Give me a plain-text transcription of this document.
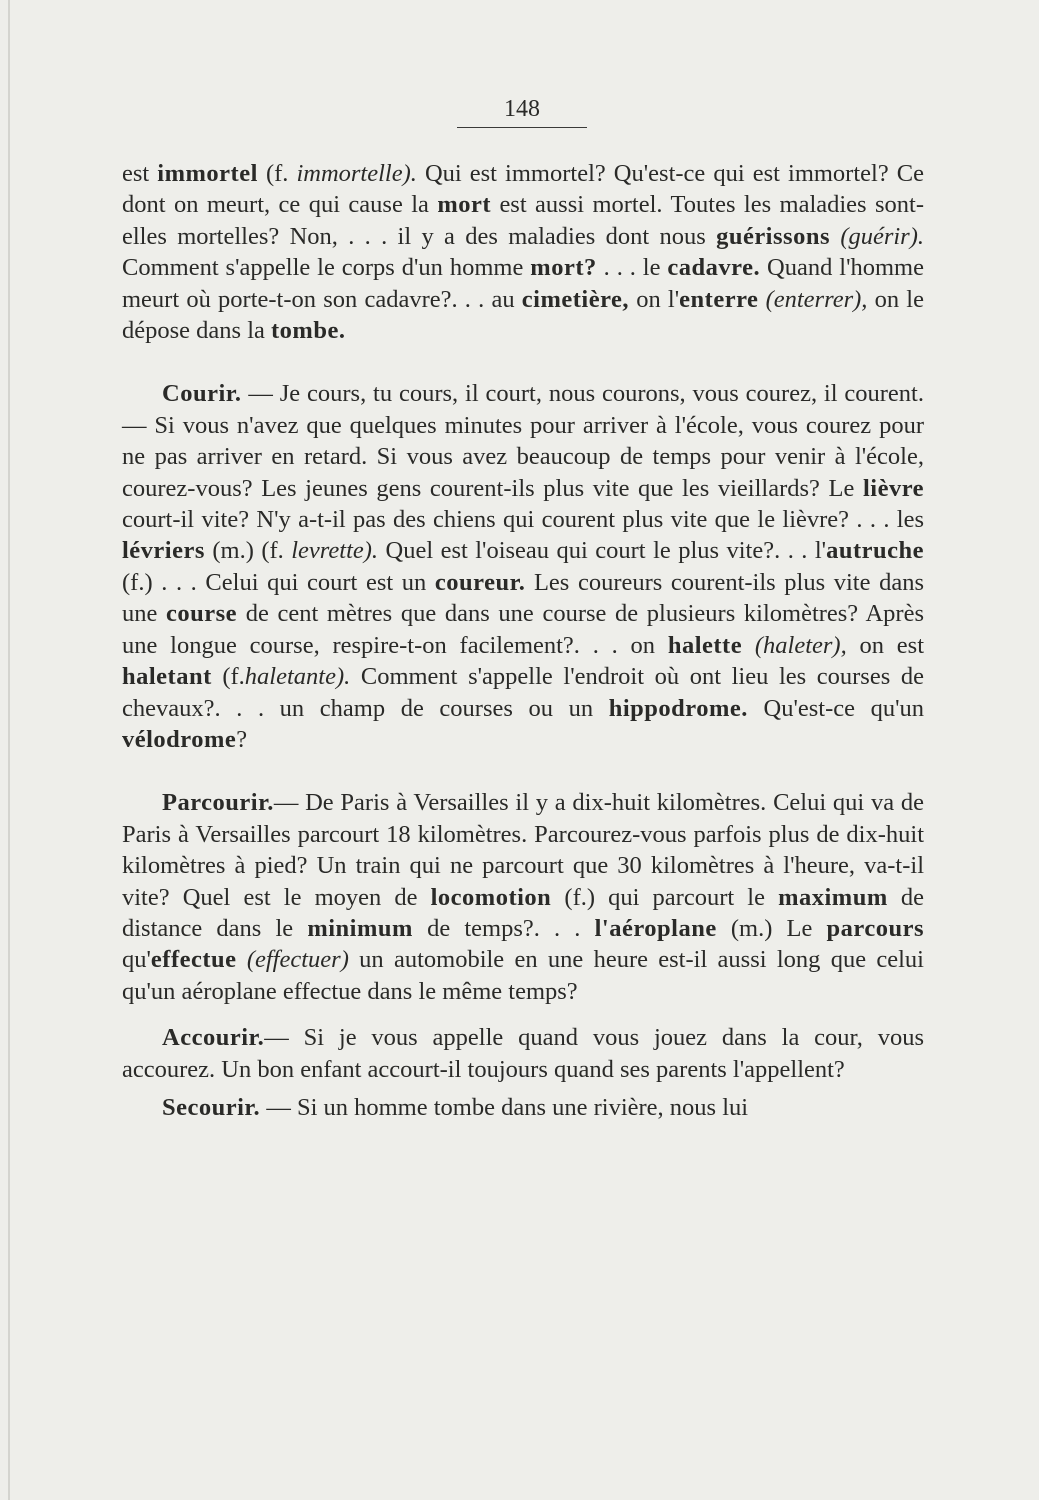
148

est immortel (f. immortelle). Qui est immortel? Qu'est-ce qui est immortel? Ce dont on meurt, ce qui cause la mort est aussi mortel. Toutes les maladies sont-elles mortelles? Non, . . . il y a des maladies dont nous guérissons (guérir). Comment s'appelle le corps d'un homme mort? . . . le cadavre. Quand l'homme meurt où porte-t-on son cadavre?. . . au cimetière, on l'enterre (enterrer), on le dépose dans la tombe.

Courir. — Je cours, tu cours, il court, nous courons, vous courez, il courent.— Si vous n'avez que quelques minutes pour arriver à l'école, vous courez pour ne pas arriver en retard. Si vous avez beaucoup de temps pour venir à l'école, courez-vous? Les jeunes gens courent-ils plus vite que les vieillards? Le lièvre court-il vite? N'y a-t-il pas des chiens qui courent plus vite que le lièvre? . . . les lévriers (m.) (f. levrette). Quel est l'oiseau qui court le plus vite?. . . l'autruche (f.) . . . Celui qui court est un coureur. Les coureurs courent-ils plus vite dans une course de cent mètres que dans une course de plusieurs kilomètres? Après une longue course, respire-t-on facilement?. . . on halette (haleter), on est haletant (f.haletante). Comment s'appelle l'endroit où ont lieu les courses de chevaux?. . . un champ de courses ou un hippodrome. Qu'est-ce qu'un vélodrome?

Parcourir.— De Paris à Versailles il y a dix-huit kilomètres. Celui qui va de Paris à Versailles parcourt 18 kilomètres. Parcourez-vous parfois plus de dix-huit kilomètres à pied? Un train qui ne parcourt que 30 kilomètres à l'heure, va-t-il vite? Quel est le moyen de locomotion (f.) qui parcourt le maximum de distance dans le minimum de temps?. . . l'aéroplane (m.) Le parcours qu'effectue (effectuer) un automobile en une heure est-il aussi long que celui qu'un aéroplane effectue dans le même temps?

Accourir.— Si je vous appelle quand vous jouez dans la cour, vous accourez. Un bon enfant accourt-il toujours quand ses parents l'appellent?

Secourir. — Si un homme tombe dans une rivière, nous lui
